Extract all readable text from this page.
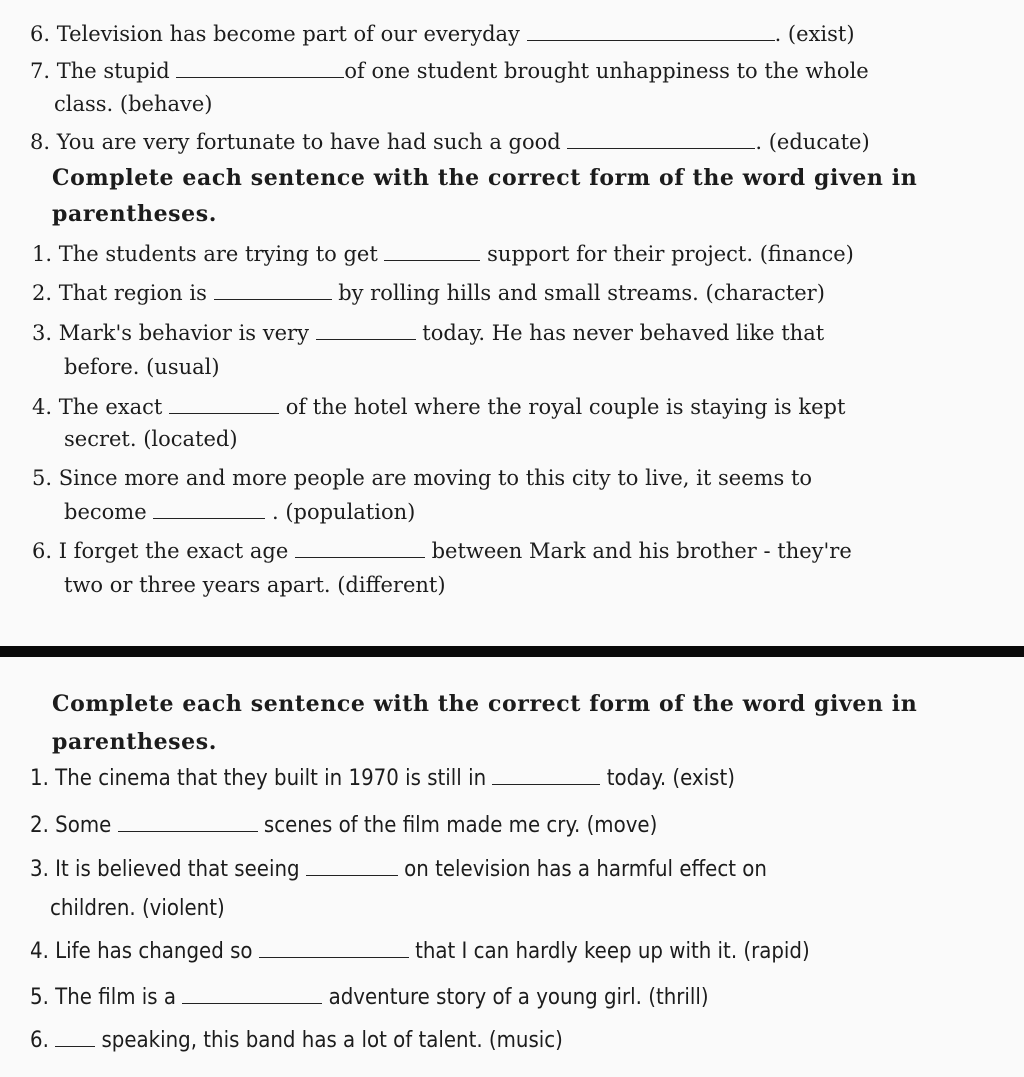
6. Television has become part of our everyday	. (exist)
7. The stupid	of one student brought unhappiness to the whole
class. (behave)
8. You are very fortunate to have had such a good	. (educate)
Complete each sentence with the correct form of the word given in
parentheses.
1. The students are trying to get	support for their project. (finance)
2. That region is	by rolling hills and small streams. (character)
3. Mark's behavior is very	today. He has never behaved like that
before. (usual)
4. The exact	of the hotel where the royal couple is staying is kept
secret. (located)
5. Since more and more people are moving to this city to live, it seems to
become	. (population)
6. I forget the exact age	between Mark and his brother - they're
two or three years apart. (different)
Complete each sentence with the correct form of the word given in
parentheses.
1. The cinema that they built in 1970 is still in	today. (exist)
2. Some	scenes of the film made me cry. (move)
3. It is believed that seeing	on television has a harmful effect on
children. (violent)
4. Life has changed so	that I can hardly keep up with it. (rapid)
5. The film is a	adventure story of a young girl. (thrill)
6.  speaking, this band has a lot of talent. (music)
